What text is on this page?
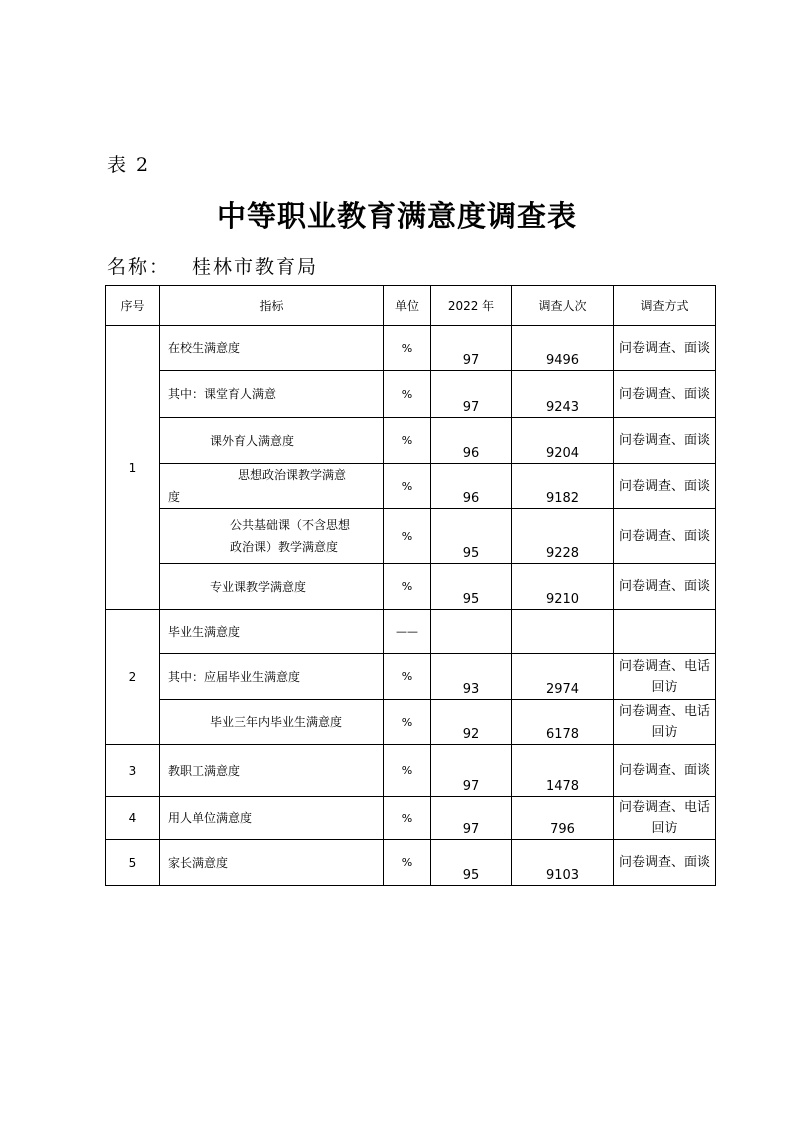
表 2
中等职业教育满意度调查表
名称： 桂林市教育局
序号	指标	单位	2022 年	调查人次	调查方式
1	在校生满意度	%	97	9496	问卷调查、面谈
	其中：课堂育人满意	%	97	9243	问卷调查、面谈
	课外育人满意度	%	96	9204	问卷调查、面谈

	思想政治课教学满意
度	%	96	9182	问卷调查、面谈

	公共基础课（不含思想
政治课）教学满意度	%	95	9228	问卷调查、面谈
	专业课教学满意度	%	95	9210	问卷调查、面谈
2	毕业生满意度	——			
	其中：应届毕业生满意度	%	93	2974	问卷调查、电话回访
	毕业三年内毕业生满意度	%	92	6178	问卷调查、电话回访
3	教职工满意度	%	97	1478	问卷调查、面谈
4	用人单位满意度	%	97	796	问卷调查、电话回访
5	家长满意度	%	95	9103	问卷调查、面谈
